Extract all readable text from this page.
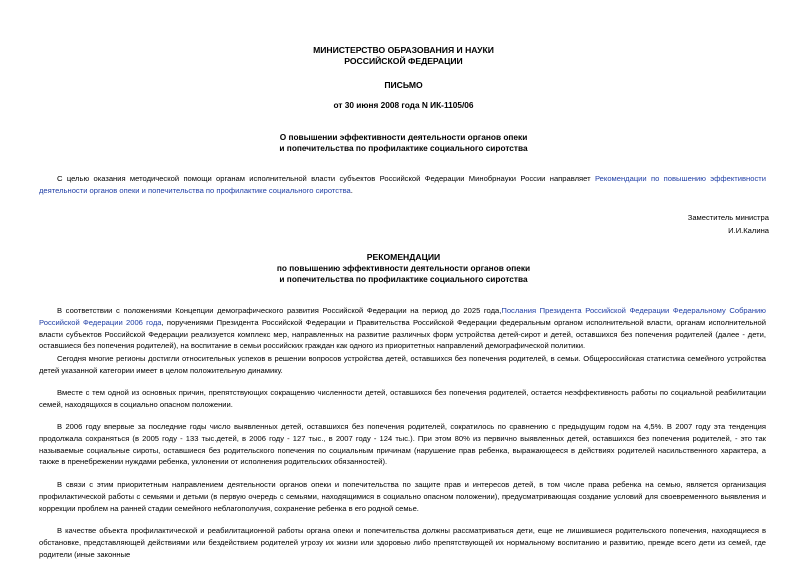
МИНИСТЕРСТВО ОБРАЗОВАНИЯ И НАУКИ
РОССИЙСКОЙ ФЕДЕРАЦИИ
ПИСЬМО
от 30 июня 2008 года N ИК-1105/06
О повышении эффективности деятельности органов опеки
и попечительства по профилактике социального сиротства
С целью оказания методической помощи органам исполнительной власти субъектов Российской Федерации Минобрнауки России направляет Рекомендации по повышению эффективности деятельности органов опеки и попечительства по профилактике социального сиротства.
Заместитель министра
И.И.Калина
РЕКОМЕНДАЦИИ
по повышению эффективности деятельности органов опеки
и попечительства по профилактике социального сиротства
В соответствии с положениями Концепции демографического развития Российской Федерации на период до 2025 года,Послания Президента Российской Федерации Федеральному Собранию Российской Федерации 2006 года, поручениями Президента Российской Федерации и Правительства Российской Федерации федеральным органом исполнительной власти, органам исполнительной власти субъектов Российской Федерации реализуется комплекс мер, направленных на развитие различных форм устройства детей-сирот и детей, оставшихся без попечения родителей (далее - дети, оставшиеся без попечения родителей), на воспитание в семьи российских граждан как одного из приоритетных направлений демографической политики.
Сегодня многие регионы достигли относительных успехов в решении вопросов устройства детей, оставшихся без попечения родителей, в семьи. Общероссийская статистика семейного устройства детей указанной категории имеет в целом положительную динамику.
Вместе с тем одной из основных причин, препятствующих сокращению численности детей, оставшихся без попечения родителей, остается неэффективность работы по социальной реабилитации семей, находящихся в социально опасном положении.
В 2006 году впервые за последние годы число выявленных детей, оставшихся без попечения родителей, сократилось по сравнению с предыдущим годом на 4,5%. В 2007 году эта тенденция продолжала сохраняться (в 2005 году - 133 тыс.детей, в 2006 году - 127 тыс., в 2007 году - 124 тыс.). При этом 80% из первично выявленных детей, оставшихся без попечения родителей, - это так называемые социальные сироты, оставшиеся без родительского попечения по социальным причинам (нарушение прав ребенка, выражающееся в действиях родителей насильственного характера, а также в пренебрежении нуждами ребенка, уклонении от исполнения родительских обязанностей).
В связи с этим приоритетным направлением деятельности органов опеки и попечительства по защите прав и интересов детей, в том числе права ребенка на семью, является организация профилактической работы с семьями и детьми (в первую очередь с семьями, находящимися в социально опасном положении), предусматривающая создание условий для своевременного выявления и коррекции проблем на ранней стадии семейного неблагополучия, сохранение ребенка в его родной семье.
В качестве объекта профилактической и реабилитационной работы органа опеки и попечительства должны рассматриваться дети, еще не лишившиеся родительского попечения, находящиеся в обстановке, представляющей действиями или бездействием родителей угрозу их жизни или здоровью либо препятствующей их нормальному воспитанию и развитию, прежде всего дети из семей, где родители (иные законные
